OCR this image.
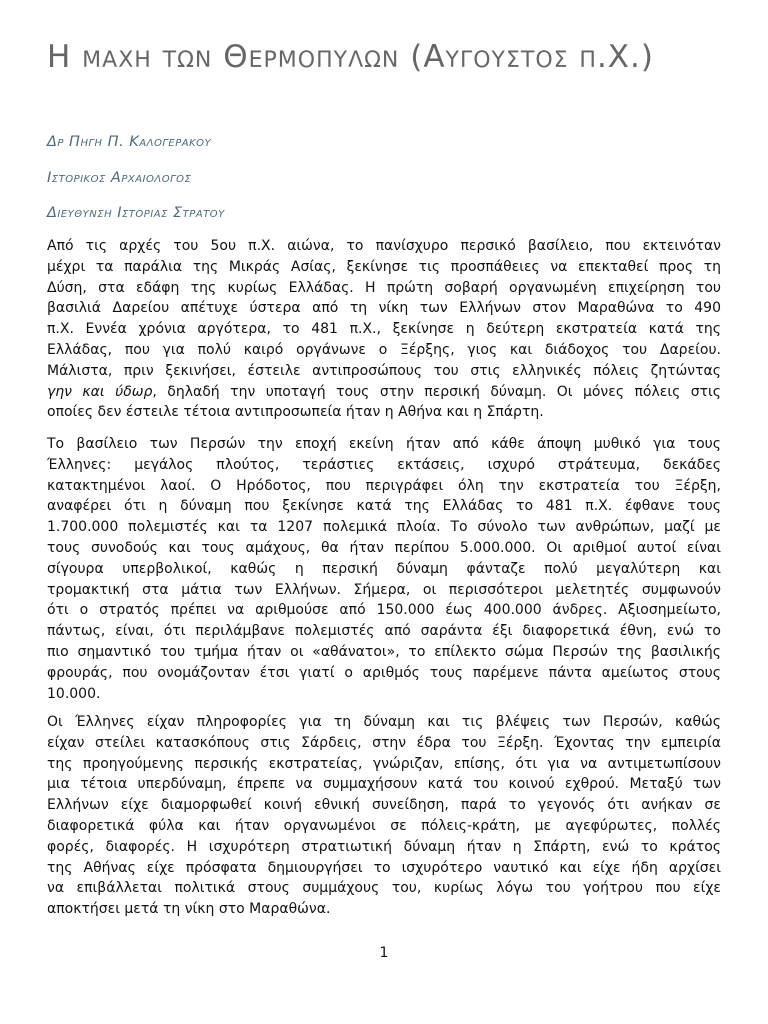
Η μαχη των Θερμοπυλων (Αυγουστος π.Χ.)

Δρ Πηγη Π. Καλογερακου

Ιστορικος Αρχαιολογος

Διευθυνση Ιστοριας Στρατου

Από τις αρχές του 5ου π.Χ. αιώνα, το πανίσχυρο περσικό βασίλειο, που εκτεινόταν
μέχρι τα παράλια της Μικράς Ασίας, ξεκίνησε τις προσπάθειες να επεκταθεί προς τη
Δύση, στα εδάφη της κυρίως Ελλάδας. Η πρώτη σοβαρή οργανωμένη επιχείρηση του
βασιλιά Δαρείου απέτυχε ύστερα από τη νίκη των Ελλήνων στον Μαραθώνα το 490
π.Χ. Εννέα χρόνια αργότερα, το 481 π.Χ., ξεκίνησε η δεύτερη εκστρατεία κατά της
Ελλάδας, που για πολύ καιρό οργάνωνε ο Ξέρξης, γιος και διάδοχος του Δαρείου.
Μάλιστα, πριν ξεκινήσει, έστειλε αντιπροσώπους του στις ελληνικές πόλεις ζητώντας
γην και ύδωρ, δηλαδή την υποταγή τους στην περσική δύναμη. Οι μόνες πόλεις στις
οποίες δεν έστειλε τέτοια αντιπροσωπεία ήταν η Αθήνα και η Σπάρτη.
Το βασίλειο των Περσών την εποχή εκείνη ήταν από κάθε άποψη μυθικό για τους
Έλληνες: μεγάλος πλούτος, τεράστιες εκτάσεις, ισχυρό στράτευμα, δεκάδες
κατακτημένοι λαοί. Ο Ηρόδοτος, που περιγράφει όλη την εκστρατεία του Ξέρξη,
αναφέρει ότι η δύναμη που ξεκίνησε κατά της Ελλάδας το 481 π.Χ. έφθανε τους
1.700.000 πολεμιστές και τα 1207 πολεμικά πλοία. Το σύνολο των ανθρώπων, μαζί με
τους συνοδούς και τους αμάχους, θα ήταν περίπου 5.000.000. Οι αριθμοί αυτοί είναι
σίγουρα υπερβολικοί, καθώς η περσική δύναμη φάνταζε πολύ μεγαλύτερη και
τρομακτική στα μάτια των Ελλήνων. Σήμερα, οι περισσότεροι μελετητές συμφωνούν
ότι ο στρατός πρέπει να αριθμούσε από 150.000 έως 400.000 άνδρες. Αξιοσημείωτο,
πάντως, είναι, ότι περιλάμβανε πολεμιστές από σαράντα έξι διαφορετικά έθνη, ενώ το
πιο σημαντικό του τμήμα ήταν οι «αθάνατοι», το επίλεκτο σώμα Περσών της βασιλικής
φρουράς, που ονομάζονταν έτσι γιατί ο αριθμός τους παρέμενε πάντα αμείωτος στους
10.000.
Οι Έλληνες είχαν πληροφορίες για τη δύναμη και τις βλέψεις των Περσών, καθώς
είχαν στείλει κατασκόπους στις Σάρδεις, στην έδρα του Ξέρξη. Έχοντας την εμπειρία
της προηγούμενης περσικής εκστρατείας, γνώριζαν, επίσης, ότι για να αντιμετωπίσουν
μια τέτοια υπερδύναμη, έπρεπε να συμμαχήσουν κατά του κοινού εχθρού. Μεταξύ των
Ελλήνων είχε διαμορφωθεί κοινή εθνική συνείδηση, παρά το γεγονός ότι ανήκαν σε
διαφορετικά φύλα και ήταν οργανωμένοι σε πόλεις-κράτη, με αγεφύρωτες, πολλές
φορές, διαφορές. Η ισχυρότερη στρατιωτική δύναμη ήταν η Σπάρτη, ενώ το κράτος
της Αθήνας είχε πρόσφατα δημιουργήσει το ισχυρότερο ναυτικό και είχε ήδη αρχίσει
να επιβάλλεται πολιτικά στους συμμάχους του, κυρίως λόγω του γοήτρου που είχε
αποκτήσει μετά τη νίκη στο Μαραθώνα.

1
